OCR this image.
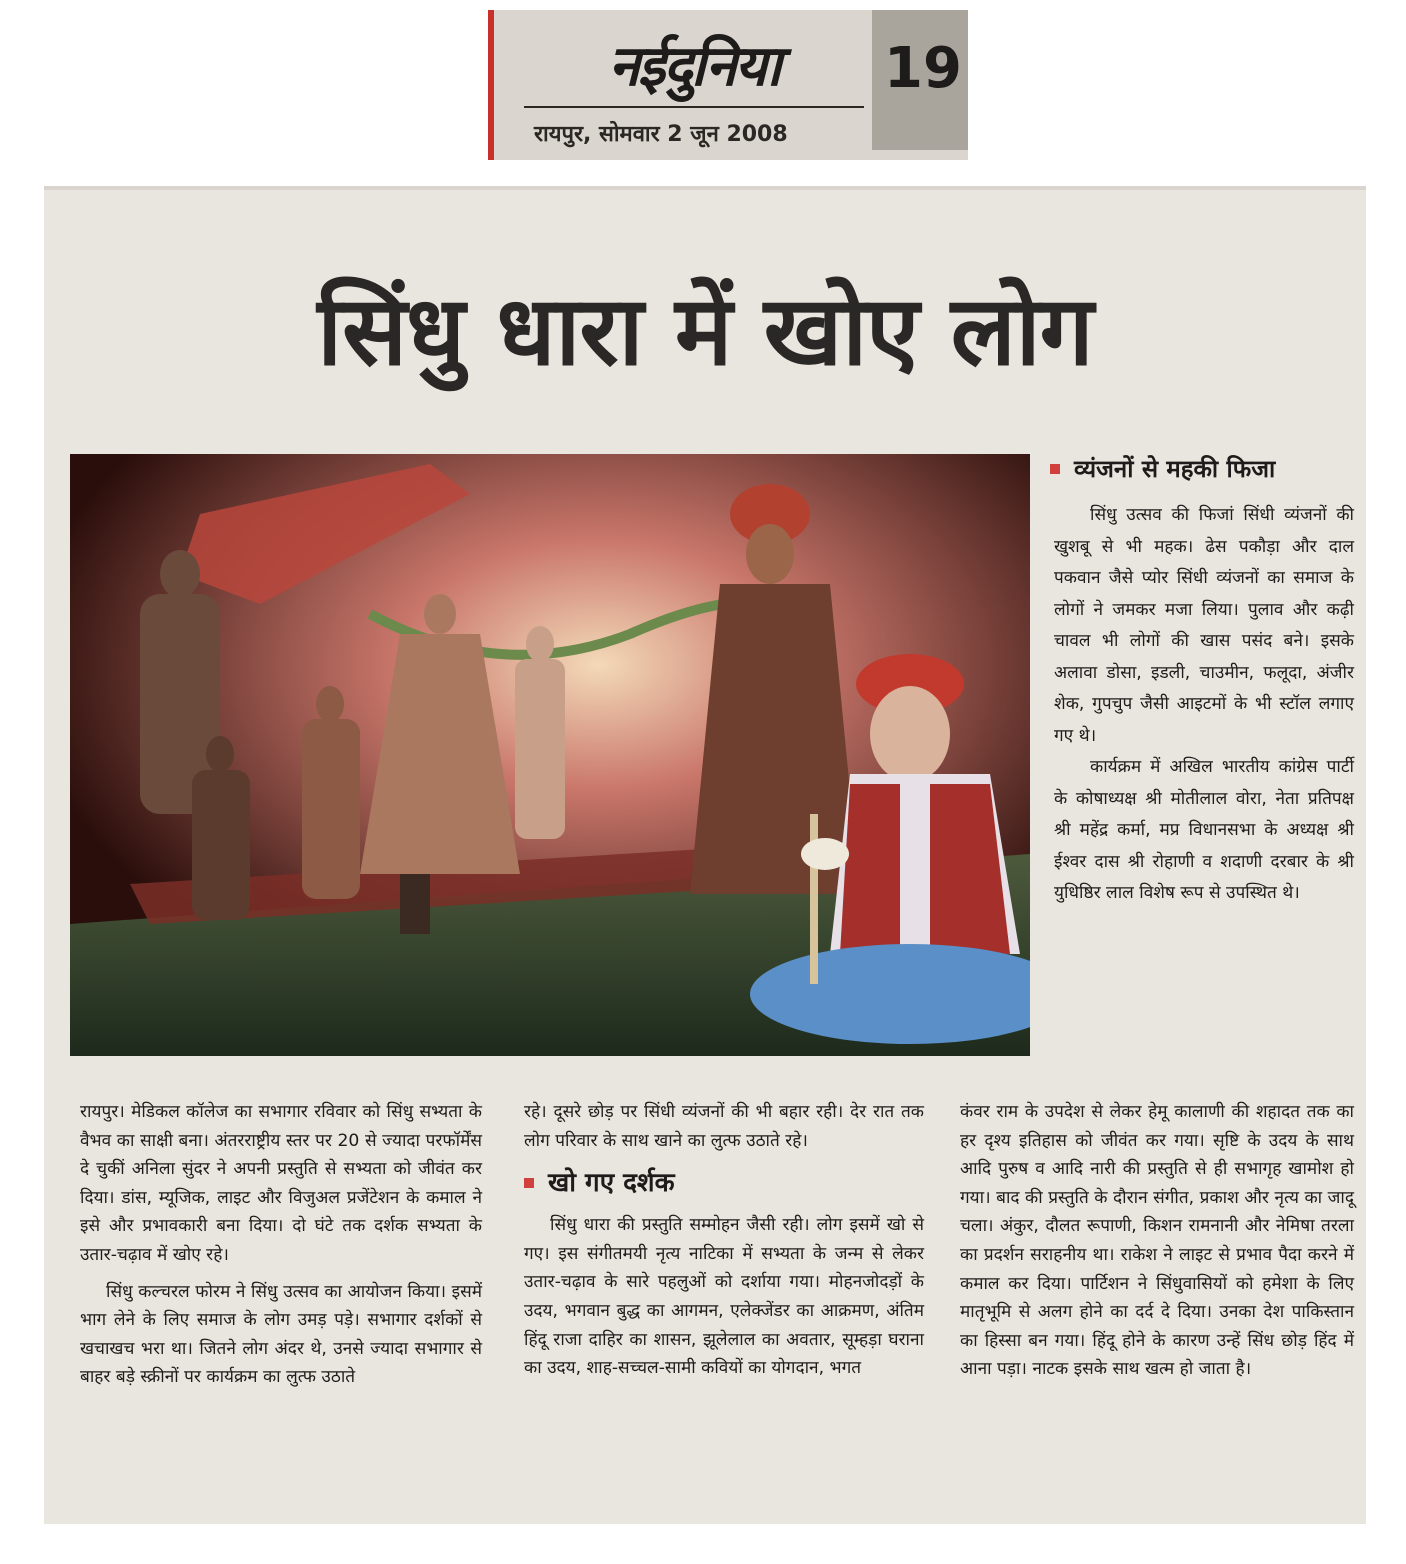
नईदुनिया
रायपुर, सोमवार 2 जून 2008
19
सिंधु धारा में खोए लोग
व्यंजनों से महकी फिजा

सिंधु उत्सव की फिजां सिंधी व्यंजनों की खुशबू से भी महक। ढेस पकौड़ा और दाल पकवान जैसे प्योर सिंधी व्यंजनों का समाज के लोगों ने जमकर मजा लिया। पुलाव और कढ़ी चावल भी लोगों की खास पसंद बने। इसके अलावा डोसा, इडली, चाउमीन, फलूदा, अंजीर शेक, गुपचुप जैसी आइटमों के भी स्टॉल लगाए गए थे।

कार्यक्रम में अखिल भारतीय कांग्रेस पार्टी के कोषाध्यक्ष श्री मोतीलाल वोरा, नेता प्रतिपक्ष श्री महेंद्र कर्मा, मप्र विधानसभा के अध्यक्ष श्री ईश्वर दास श्री रोहाणी व शदाणी दरबार के श्री युधिष्ठिर लाल विशेष रूप से उपस्थित थे।

रायपुर। मेडिकल कॉलेज का सभागार रविवार को सिंधु सभ्यता के वैभव का साक्षी बना। अंतरराष्ट्रीय स्तर पर 20 से ज्यादा परफॉर्मेंस दे चुकीं अनिला सुंदर ने अपनी प्रस्तुति से सभ्यता को जीवंत कर दिया। डांस, म्यूजिक, लाइट और विजुअल प्रजेंटेशन के कमाल ने इसे और प्रभावकारी बना दिया। दो घंटे तक दर्शक सभ्यता के उतार-चढ़ाव में खोए रहे।

सिंधु कल्चरल फोरम ने सिंधु उत्सव का आयोजन किया। इसमें भाग लेने के लिए समाज के लोग उमड़ पड़े। सभागार दर्शकों से खचाखच भरा था। जितने लोग अंदर थे, उनसे ज्यादा सभागार से बाहर बड़े स्क्रीनों पर कार्यक्रम का लुत्फ उठाते

रहे। दूसरे छोड़ पर सिंधी व्यंजनों की भी बहार रही। देर रात तक लोग परिवार के साथ खाने का लुत्फ उठाते रहे।

खो गए दर्शक

सिंधु धारा की प्रस्तुति सम्मोहन जैसी रही। लोग इसमें खो से गए। इस संगीतमयी नृत्य नाटिका में सभ्यता के जन्म से लेकर उतार-चढ़ाव के सारे पहलुओं को दर्शाया गया। मोहनजोदड़ों के उदय, भगवान बुद्ध का आगमन, एलेक्जेंडर का आक्रमण, अंतिम हिंदू राजा दाहिर का शासन, झूलेलाल का अवतार, सूम्हड़ा घराना का उदय, शाह-सच्चल-सामी कवियों का योगदान, भगत

कंवर राम के उपदेश से लेकर हेमू कालाणी की शहादत तक का हर दृश्य इतिहास को जीवंत कर गया। सृष्टि के उदय के साथ आदि पुरुष व आदि नारी की प्रस्तुति से ही सभागृह खामोश हो गया। बाद की प्रस्तुति के दौरान संगीत, प्रकाश और नृत्य का जादू चला। अंकुर, दौलत रूपाणी, किशन रामनानी और नेमिषा तरला का प्रदर्शन सराहनीय था। राकेश ने लाइट से प्रभाव पैदा करने में कमाल कर दिया। पार्टिशन ने सिंधुवासियों को हमेशा के लिए मातृभूमि से अलग होने का दर्द दे दिया। उनका देश पाकिस्तान का हिस्सा बन गया। हिंदू होने के कारण उन्हें सिंध छोड़ हिंद में आना पड़ा। नाटक इसके साथ खत्म हो जाता है।
